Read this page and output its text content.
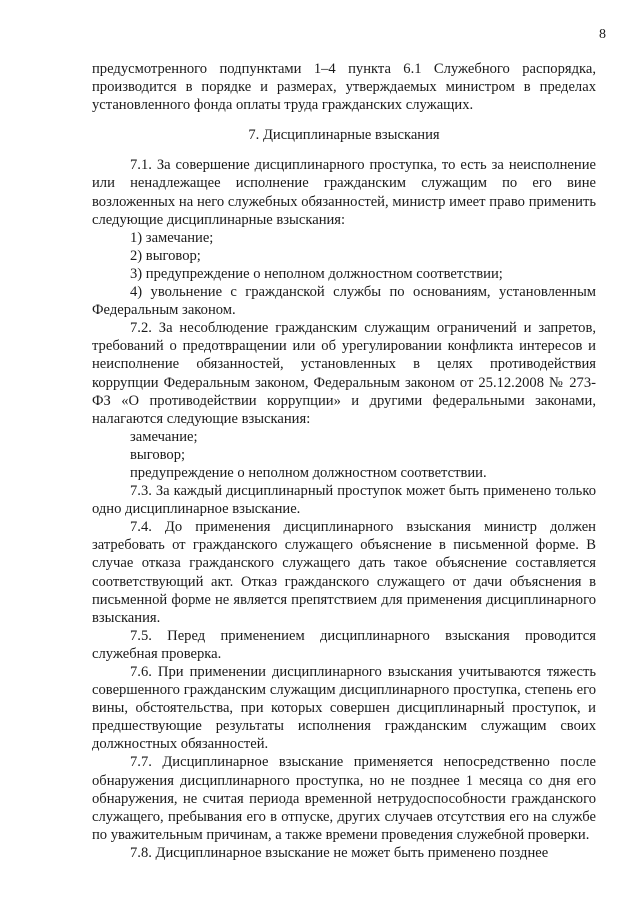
8

предусмотренного подпунктами 1–4 пункта 6.1 Служебного распорядка, производится в порядке и размерах, утверждаемых министром в пределах установленного фонда оплаты труда гражданских служащих.

7. Дисциплинарные взыскания

7.1. За совершение дисциплинарного проступка, то есть за неисполнение или ненадлежащее исполнение гражданским служащим по его вине возложенных на него служебных обязанностей, министр имеет право применить следующие дисциплинарные взыскания:

1) замечание;

2) выговор;

3) предупреждение о неполном должностном соответствии;

4) увольнение с гражданской службы по основаниям, установленным Федеральным законом.

7.2. За несоблюдение гражданским служащим ограничений и запретов, требований о предотвращении или об урегулировании конфликта интересов и неисполнение обязанностей, установленных в целях противодействия коррупции Федеральным законом, Федеральным законом от 25.12.2008 № 273-ФЗ «О противодействии коррупции» и другими федеральными законами, налагаются следующие взыскания:

замечание;

выговор;

предупреждение о неполном должностном соответствии.

7.3. За каждый дисциплинарный проступок может быть применено только одно дисциплинарное взыскание.

7.4. До применения дисциплинарного взыскания министр должен затребовать от гражданского служащего объяснение в письменной форме. В случае отказа гражданского служащего дать такое объяснение составляется соответствующий акт. Отказ гражданского служащего от дачи объяснения в письменной форме не является препятствием для применения дисциплинарного взыскания.

7.5. Перед применением дисциплинарного взыскания проводится служебная проверка.

7.6. При применении дисциплинарного взыскания учитываются тяжесть совершенного гражданским служащим дисциплинарного проступка, степень его вины, обстоятельства, при которых совершен дисциплинарный проступок, и предшествующие результаты исполнения гражданским служащим своих должностных обязанностей.

7.7. Дисциплинарное взыскание применяется непосредственно после обнаружения дисциплинарного проступка, но не позднее 1 месяца со дня его обнаружения, не считая периода временной нетрудоспособности гражданского служащего, пребывания его в отпуске, других случаев отсутствия его на службе по уважительным причинам, а также времени проведения служебной проверки.

7.8. Дисциплинарное взыскание не может быть применено позднее
